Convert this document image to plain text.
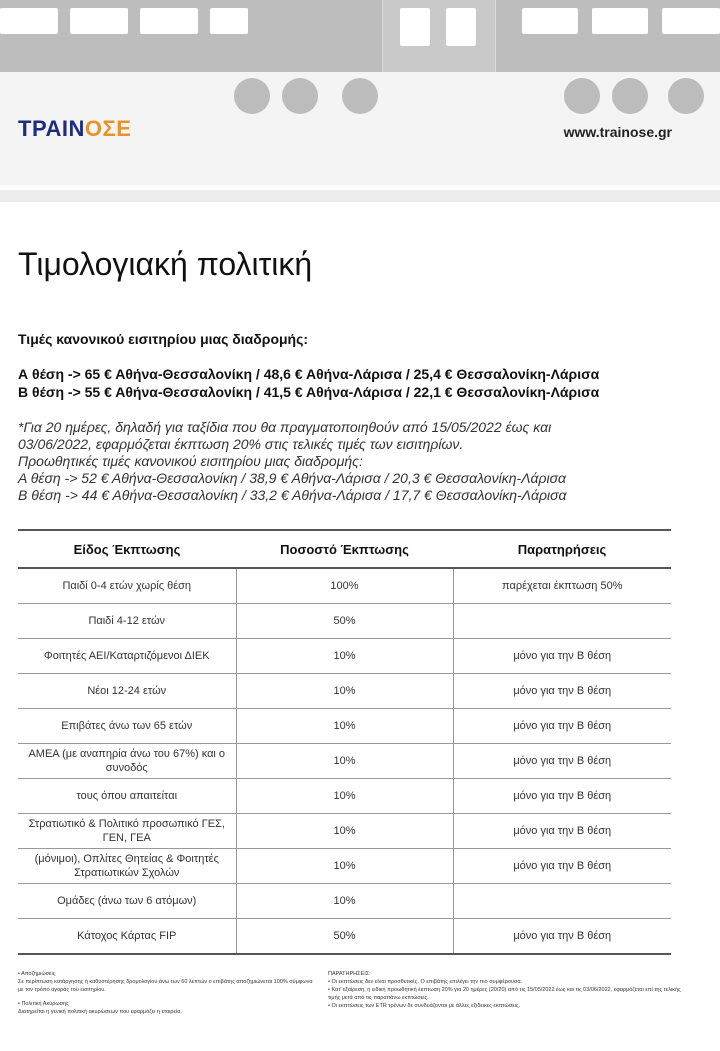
ΤΡΑΙΝΟΣΕ	www.trainose.gr
Τιμολογιακή πολιτική
Τιμές κανονικού εισιτηρίου μιας διαδρομής:
Α θέση -> 65 € Αθήνα-Θεσσαλονίκη / 48,6 € Αθήνα-Λάρισα / 25,4 € Θεσσαλονίκη-Λάρισα
Β θέση -> 55 € Αθήνα-Θεσσαλονίκη / 41,5 € Αθήνα-Λάρισα / 22,1 € Θεσσαλονίκη-Λάρισα
*Για 20 ημέρες, δηλαδή για ταξίδια που θα πραγματοποιηθούν από 15/05/2022 έως και
03/06/2022, εφαρμόζεται έκπτωση 20% στις τελικές τιμές των εισιτηρίων.
Προωθητικές τιμές κανονικού εισιτηρίου μιας διαδρομής:
Α θέση -> 52 € Αθήνα-Θεσσαλονίκη / 38,9 € Αθήνα-Λάρισα / 20,3 € Θεσσαλονίκη-Λάρισα
Β θέση -> 44 € Αθήνα-Θεσσαλονίκη / 33,2 € Αθήνα-Λάρισα / 17,7 € Θεσσαλονίκη-Λάρισα
Είδος Έκπτωσης	Ποσοστό Έκπτωσης	Παρατηρήσεις
Παιδί 0-4 ετών χωρίς θέση	100%	παρέχεται έκπτωση 50%
Παιδί 4-12 ετών	50%	
Φοιτητές ΑΕΙ/Καταρτιζόμενοι ΔΙΕΚ	10%	μόνο για την Β θέση
Νέοι 12-24 ετών	10%	μόνο για την Β θέση
Επιβάτες άνω των 65 ετών	10%	μόνο για την Β θέση
ΑΜΕΑ (με αναπηρία άνω του 67%) και ο συνοδός	10%	μόνο για την Β θέση
τους όπου απαιτείται	10%	μόνο για την Β θέση
Στρατιωτικό & Πολιτικό προσωπικό ΓΕΣ, ΓΕΝ, ΓΕΑ	10%	μόνο για την Β θέση
(μόνιμοι), Οπλίτες Θητείας & Φοιτητές Στρατιωτικών Σχολών	10%	μόνο για την Β θέση
Ομάδες (άνω των 6 ατόμων)	10%	
Κάτοχος Κάρτας FIP	50%	μόνο για την Β θέση

• Αποζημιώσεις

Σε περίπτωση κατάργησης ή καθυστέρησης δρομολογίου άνω των 60 λεπτών ο επιβάτης αποζημιώνεται 100% σύμφωνα με τον τρόπο αγοράς του εισιτηρίου.

• Πολιτική Ακύρωσης

Διατηρείται η γενική πολιτική ακυρώσεων που εφαρμόζει η εταιρεία.

ΠΑΡΑΤΗΡΗΣΕΙΣ:

• Οι εκπτώσεις δεν είναι προσθετικές. Ο επιβάτης επιλέγει την πιο συμφέρουσα.

• Κατ' εξαίρεση, η ειδική προωθητική έκπτωση 20% για 20 ημέρες (20/20) από τις 15/05/2022 έως και τις 03/06/2022, εφαρμόζεται επί της τελικής τιμής μετά από τις παραπάνω εκπτώσεις.

• Οι εκπτώσεις των ETR τρένων δε συνδυάζονται με άλλες εξιδεικες εκπτώσεις.
